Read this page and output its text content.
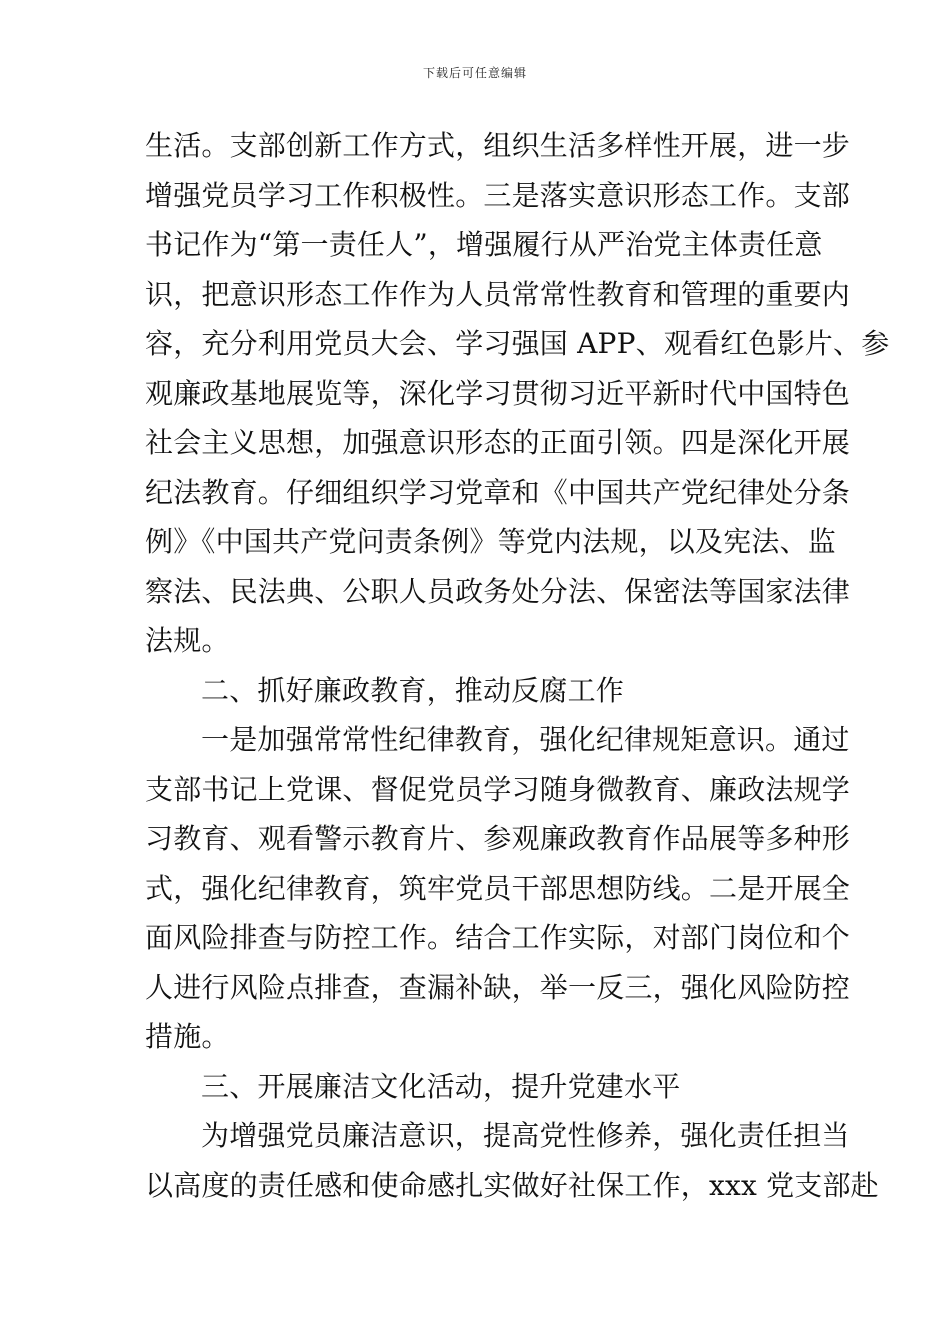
下载后可任意编辑
生活。支部创新工作方式，组织生活多样性开展，进一步
增强党员学习工作积极性。三是落实意识形态工作。支部
书记作为“第一责任人”，增强履行从严治党主体责任意
识，把意识形态工作作为人员常常性教育和管理的重要内
容，充分利用党员大会、学习强国 APP、观看红色影片、参
观廉政基地展览等，深化学习贯彻习近平新时代中国特色
社会主义思想，加强意识形态的正面引领。四是深化开展
纪法教育。仔细组织学习党章和《中国共产党纪律处分条
例》《中国共产党问责条例》等党内法规，以及宪法、监
察法、民法典、公职人员政务处分法、保密法等国家法律
法规。
二、抓好廉政教育，推动反腐工作
一是加强常常性纪律教育，强化纪律规矩意识。通过
支部书记上党课、督促党员学习随身微教育、廉政法规学
习教育、观看警示教育片、参观廉政教育作品展等多种形
式，强化纪律教育，筑牢党员干部思想防线。二是开展全
面风险排查与防控工作。结合工作实际，对部门岗位和个
人进行风险点排查，查漏补缺，举一反三，强化风险防控
措施。
三、开展廉洁文化活动，提升党建水平
为增强党员廉洁意识，提高党性修养，强化责任担当
以高度的责任感和使命感扎实做好社保工作，xxx 党支部赴
